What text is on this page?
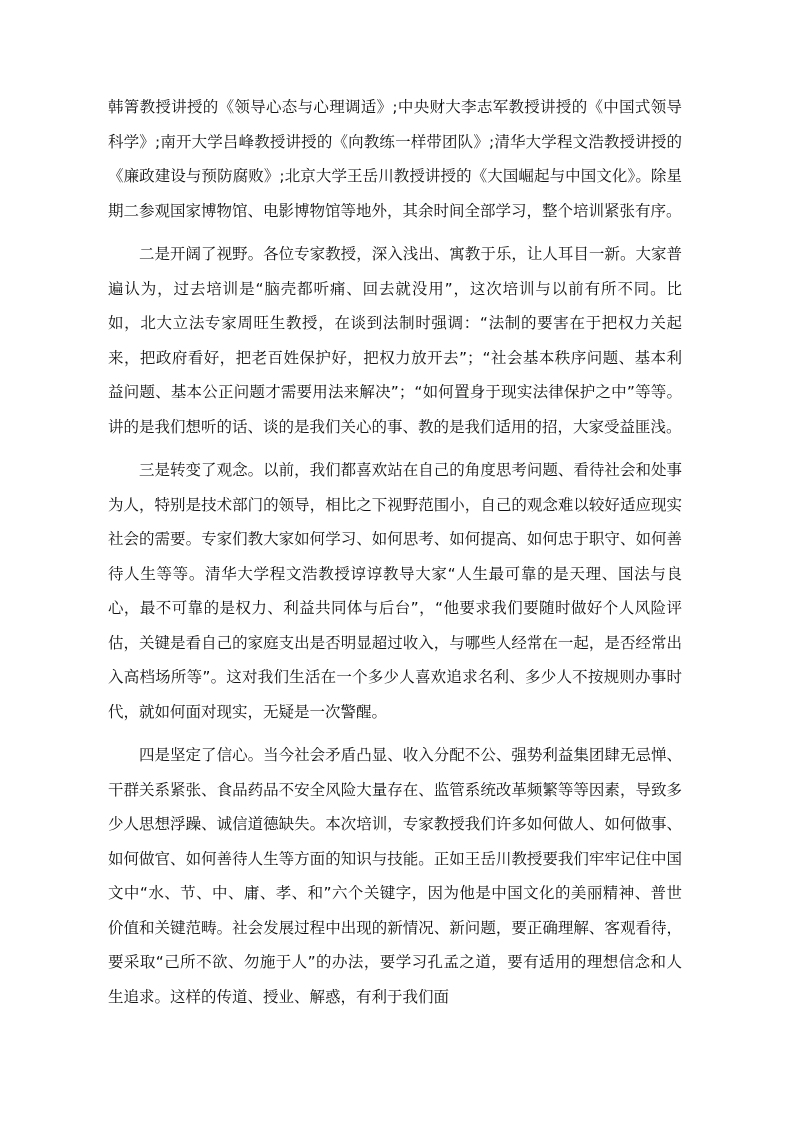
韩箐教授讲授的《领导心态与心理调适》;中央财大李志军教授讲授的《中国式领导科学》;南开大学吕峰教授讲授的《向教练一样带团队》;清华大学程文浩教授讲授的《廉政建设与预防腐败》;北京大学王岳川教授讲授的《大国崛起与中国文化》。除星期二参观国家博物馆、电影博物馆等地外，其余时间全部学习，整个培训紧张有序。

二是开阔了视野。各位专家教授，深入浅出、寓教于乐，让人耳目一新。大家普遍认为，过去培训是“脑壳都听痛、回去就没用”，这次培训与以前有所不同。比如，北大立法专家周旺生教授，在谈到法制时强调：“法制的要害在于把权力关起来，把政府看好，把老百姓保护好，把权力放开去”；“社会基本秩序问题、基本利益问题、基本公正问题才需要用法来解决”；“如何置身于现实法律保护之中”等等。讲的是我们想听的话、谈的是我们关心的事、教的是我们适用的招，大家受益匪浅。

三是转变了观念。以前，我们都喜欢站在自己的角度思考问题、看待社会和处事为人，特别是技术部门的领导，相比之下视野范围小，自己的观念难以较好适应现实社会的需要。专家们教大家如何学习、如何思考、如何提高、如何忠于职守、如何善待人生等等。清华大学程文浩教授谆谆教导大家“人生最可靠的是天理、国法与良心，最不可靠的是权力、利益共同体与后台”，“他要求我们要随时做好个人风险评估，关键是看自己的家庭支出是否明显超过收入，与哪些人经常在一起，是否经常出入高档场所等”。这对我们生活在一个多少人喜欢追求名利、多少人不按规则办事时代，就如何面对现实，无疑是一次警醒。

四是坚定了信心。当今社会矛盾凸显、收入分配不公、强势利益集团肆无忌惮、干群关系紧张、食品药品不安全风险大量存在、监管系统改革频繁等等因素，导致多少人思想浮躁、诚信道德缺失。本次培训，专家教授我们许多如何做人、如何做事、如何做官、如何善待人生等方面的知识与技能。正如王岳川教授要我们牢牢记住中国文中“水、节、中、庸、孝、和”六个关键字，因为他是中国文化的美丽精神、普世价值和关键范畴。社会发展过程中出现的新情况、新问题，要正确理解、客观看待，要采取“己所不欲、勿施于人”的办法，要学习孔孟之道，要有适用的理想信念和人生追求。这样的传道、授业、解惑，有利于我们面
